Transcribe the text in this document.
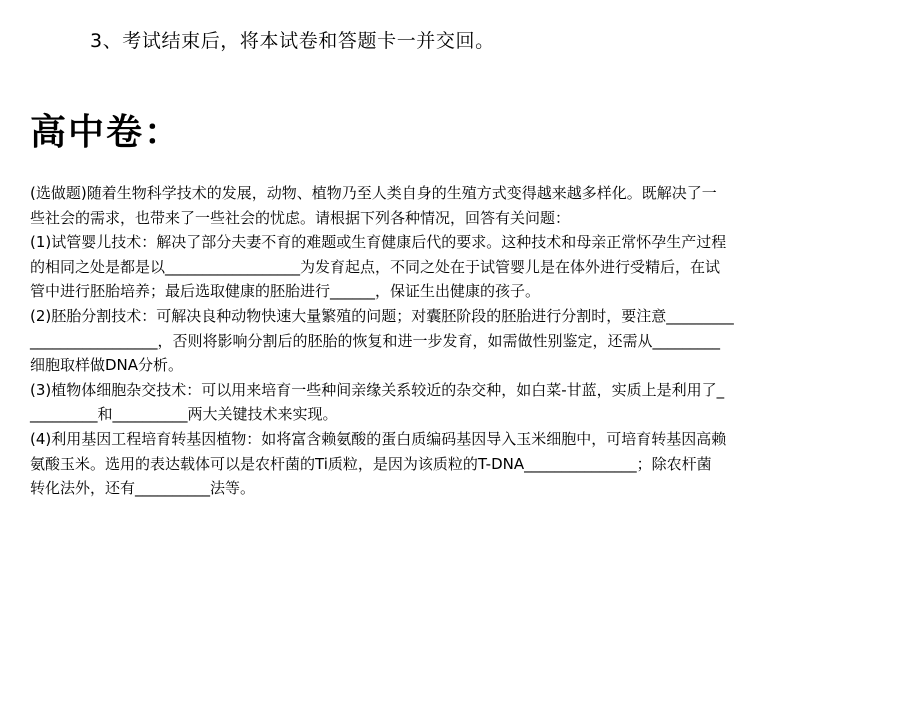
3、考试结束后，将本试卷和答题卡一并交回。
高中卷：
(选做题)随着生物科学技术的发展，动物、植物乃至人类自身的生殖方式变得越来越多样化。既解决了一
些社会的需求，也带来了一些社会的忧虑。请根据下列各种情况，回答有关问题：
(1)试管婴儿技术：解决了部分夫妻不育的难题或生育健康后代的要求。这种技术和母亲正常怀孕生产过程
的相同之处是都是以__________________为发育起点，不同之处在于试管婴儿是在体外进行受精后，在试
管中进行胚胎培养；最后选取健康的胚胎进行______，保证生出健康的孩子。
(2)胚胎分割技术：可解决良种动物快速大量繁殖的问题；对囊胚阶段的胚胎进行分割时，要注意_________
_________________，否则将影响分割后的胚胎的恢复和进一步发育，如需做性别鉴定，还需从_________
细胞取样做DNA分析。
(3)植物体细胞杂交技术：可以用来培育一些种间亲缘关系较近的杂交种，如白菜-甘蓝，实质上是利用了_
_________和__________两大关键技术来实现。
(4)利用基因工程培育转基因植物：如将富含赖氨酸的蛋白质编码基因导入玉米细胞中，可培育转基因高赖
氨酸玉米。选用的表达载体可以是农杆菌的Ti质粒，是因为该质粒的T-DNA_______________；除农杆菌
转化法外，还有__________法等。
